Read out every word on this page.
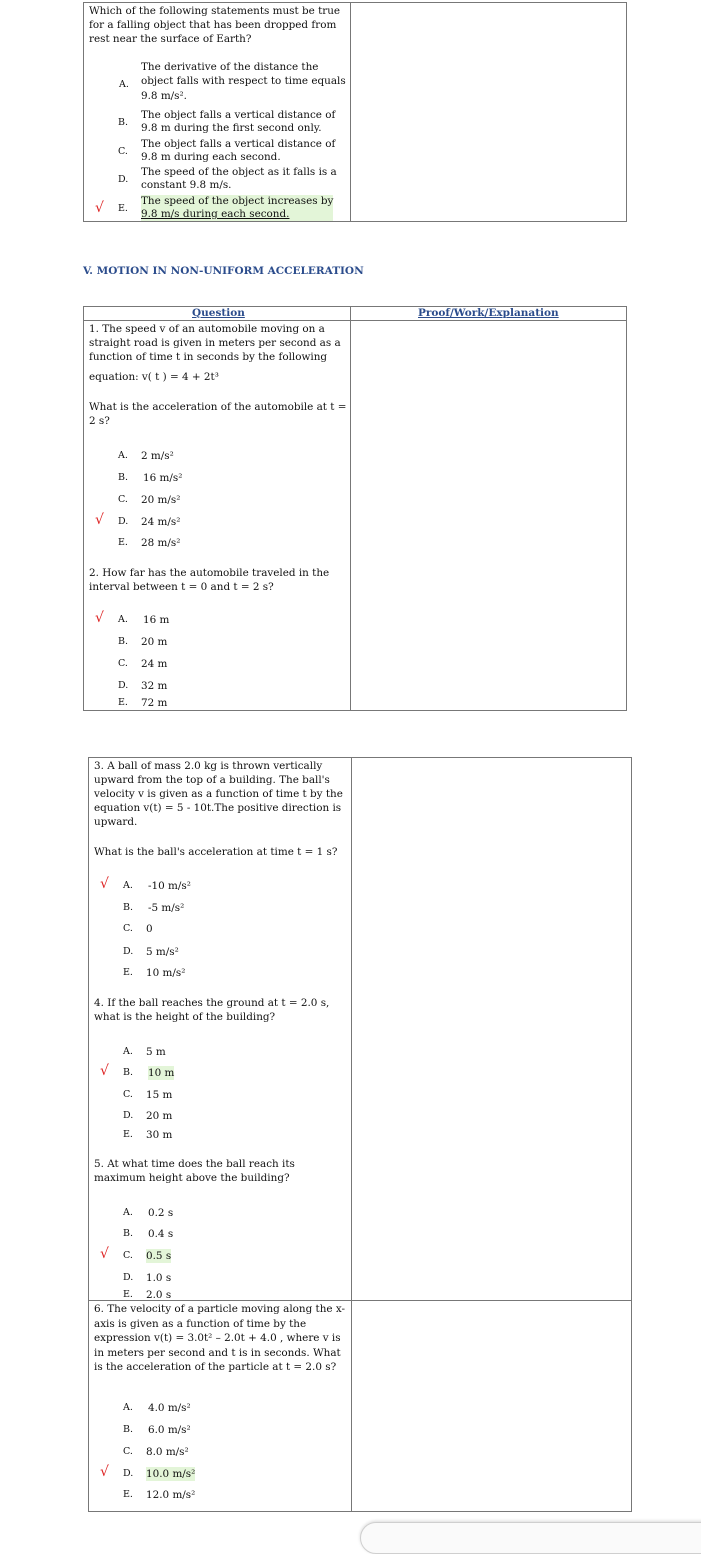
Which of the following statements must be true for a falling object that has been dropped from rest near the surface of Earth?
A.
The derivative of the distance the
object falls with respect to time equals
9.8 m/s².
B.
The object falls a vertical distance of
9.8 m during the first second only.
C.
The object falls a vertical distance of
9.8 m during each second.
D.
The speed of the object as it falls is a
constant 9.8 m/s.
√ E.
The speed of the object increases by
9.8 m/s during each second.
V. MOTION IN NON-UNIFORM ACCELERATION
Question	Proof/Work/Explanation
1. The speed v of an automobile moving on a straight road is given in meters per second as a function of time t in seconds by the following
equation: v( t ) = 4 + 2t³
What is the acceleration of the automobile at t = 2 s?
A. 2 m/s²
B. 16 m/s²
C. 20 m/s²
√ D. 24 m/s²
E. 28 m/s²
2. How far has the automobile traveled in the interval between t = 0 and t = 2 s?
√ A. 16 m
B. 20 m
C. 24 m
D. 32 m
E. 72 m
3. A ball of mass 2.0 kg is thrown vertically upward from the top of a building. The ball's velocity v is given as a function of time t by the equation v(t) = 5 - 10t.The positive direction is upward.
What is the ball's acceleration at time t = 1 s?
√ A. -10 m/s²
B. -5 m/s²
C. 0
D. 5 m/s²
E. 10 m/s²
4. If the ball reaches the ground at t = 2.0 s, what is the height of the building?
A. 5 m
√ B. 10 m
C. 15 m
D. 20 m
E. 30 m
5. At what time does the ball reach its maximum height above the building?
A. 0.2 s
B. 0.4 s
√ C. 0.5 s
D. 1.0 s
E. 2.0 s
6. The velocity of a particle moving along the x-axis is given as a function of time by the expression v(t) = 3.0t² – 2.0t + 4.0 , where v is in meters per second and t is in seconds. What is the acceleration of the particle at t = 2.0 s?
A. 4.0 m/s²
B. 6.0 m/s²
C. 8.0 m/s²
√ D. 10.0 m/s²
E. 12.0 m/s²
